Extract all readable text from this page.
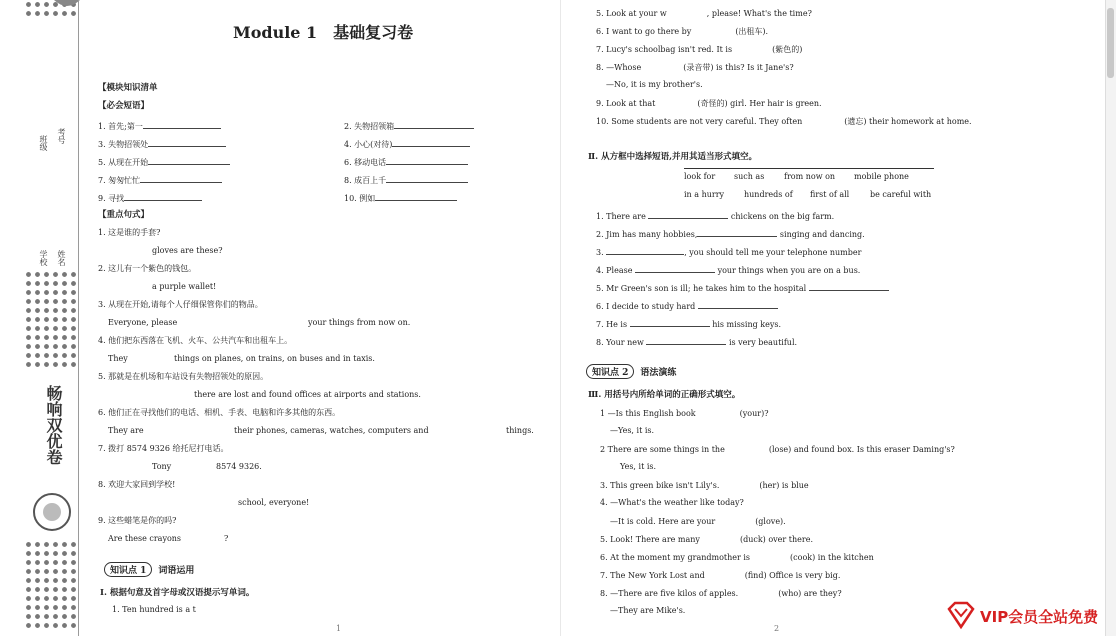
班级 考号
学校 姓名
畅响双优卷
Module 1　基础复习卷
【模块知识清单
【必会短语】
1. 首先;第一	2. 失物招领箱
3. 失物招领处	4. 小心(对待)
5. 从现在开始	6. 移动电话
7. 匆匆忙忙	8. 成百上千
9. 寻找	10. 例如
【重点句式】
1. 这是谁的手套?
gloves are these?
2. 这儿有一个紫色的钱包。
a purple wallet!
3. 从现在开始,请每个人仔细保管你们的物品。
Everyone, please	your things from now on.
4. 他们把东西落在飞机、火车、公共汽车和出租车上。
They	things on planes, on trains, on buses and in taxis.
5. 那就是在机场和车站设有失物招领处的原因。
there are lost and found offices at airports and stations.
6. 他们正在寻找他们的电话、相机、手表、电脑和许多其他的东西。
They are	their phones, cameras, watches, computers and	things.
7. 拨打 8574 9326 给托尼打电话。
Tony	8574 9326.
8. 欢迎大家回到学校!
school, everyone!
9. 这些蜡笔是你的吗?
Are these crayons	?
知识点 1 词语运用
Ⅰ. 根据句意及首字母或汉语提示写单词。
1. Ten hundred is a t
1
5. Look at your w	, please! What's the time?
6. I want to go there by	(出租车).
7. Lucy's schoolbag isn't red. It is	(紫色的)
8. —Whose	(录音带) is this? Is it Jane's?
—No, it is my brother's.
9. Look at that	(奇怪的) girl. Her hair is green.
10. Some students are not very careful. They often	(遗忘) their homework at home.
Ⅱ. 从方框中选择短语,并用其适当形式填空。
look for such as from now on mobile phone
in a hurry hundreds of first of all	be careful with
1. There are	chickens on the big farm.
2. Jim has many hobbies,	singing and dancing.
3.	, you should tell me your telephone number
4. Please	your things when you are on a bus.
5. Mr Green's son is ill; he takes him to the hospital
6. I decide to study hard
7. He is	his missing keys.
8. Your new	is very beautiful.
知识点 2 语法演练
Ⅲ. 用括号内所给单词的正确形式填空。
1 —Is this English book	(your)?
—Yes, it is.
2 There are some things in the	(lose) and found box. Is this eraser Daming's?
Yes, it is.
3. This green bike isn't Lily's.	(her) is blue
4. —What's the weather like today?
—It is cold. Here are your	(glove).
5. Look! There are many	(duck) over there.
6. At the moment my grandmother is	(cook) in the kitchen
7. The New York Lost and	(find) Office is very big.
8. —There are five kilos of apples.	(who) are they?
—They are Mike's.
2
VIP会员全站免费
